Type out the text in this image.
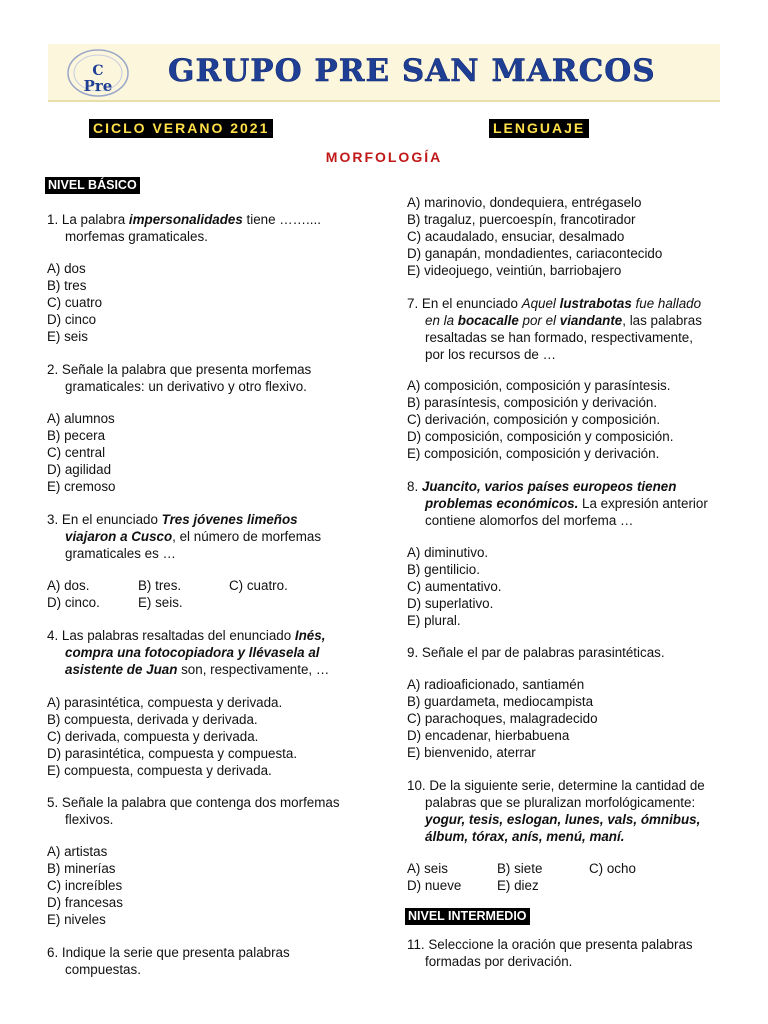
C
Pre GRUPO PRE SAN MARCOS
CICLO VERANO 2021	LENGUAJE
MORFOLOGÍA
NIVEL BÁSICO
1. La palabra impersonalidades tiene ……....
morfemas gramaticales.
A) dos
B) tres
C) cuatro
D) cinco
E) seis
2. Señale la palabra que presenta morfemas
gramaticales: un derivativo y otro flexivo.
A) alumnos
B) pecera
C) central
D) agilidad
E) cremoso
3. En el enunciado Tres jóvenes limeños
viajaron a Cusco, el número de morfemas
gramaticales es …
A) dos.	B) tres.	C) cuatro.
D) cinco.	E) seis.
4. Las palabras resaltadas del enunciado Inés,
compra una fotocopiadora y llévasela al
asistente de Juan son, respectivamente, …
A) parasintética, compuesta y derivada.
B) compuesta, derivada y derivada.
C) derivada, compuesta y derivada.
D) parasintética, compuesta y compuesta.
E) compuesta, compuesta y derivada.
5. Señale la palabra que contenga dos morfemas
flexivos.
A) artistas
B) minerías
C) increíbles
D) francesas
E) niveles
6. Indique la serie que presenta palabras
compuestas.
A) marinovio, dondequiera, entrégaselo
B) tragaluz, puercoespín, francotirador
C) acaudalado, ensuciar, desalmado
D) ganapán, mondadientes, cariacontecido
E) videojuego, veintiún, barriobajero
7. En el enunciado Aquel lustrabotas fue hallado
en la bocacalle por el viandante, las palabras
resaltadas se han formado, respectivamente,
por los recursos de …
A) composición, composición y parasíntesis.
B) parasíntesis, composición y derivación.
C) derivación, composición y composición.
D) composición, composición y composición.
E) composición, composición y derivación.
8. Juancito, varios países europeos tienen
problemas económicos. La expresión anterior
contiene alomorfos del morfema …
A) diminutivo.
B) gentilicio.
C) aumentativo.
D) superlativo.
E) plural.
9. Señale el par de palabras parasintéticas.
A) radioaficionado, santiamén
B) guardameta, mediocampista
C) parachoques, malagradecido
D) encadenar, hierbabuena
E) bienvenido, aterrar
10. De la siguiente serie, determine la cantidad de
palabras que se pluralizan morfológicamente:
yogur, tesis, eslogan, lunes, vals, ómnibus,
álbum, tórax, anís, menú, maní.
A) seis	B) siete	C) ocho
D) nueve	E) diez
NIVEL INTERMEDIO
11. Seleccione la oración que presenta palabras
formadas por derivación.
